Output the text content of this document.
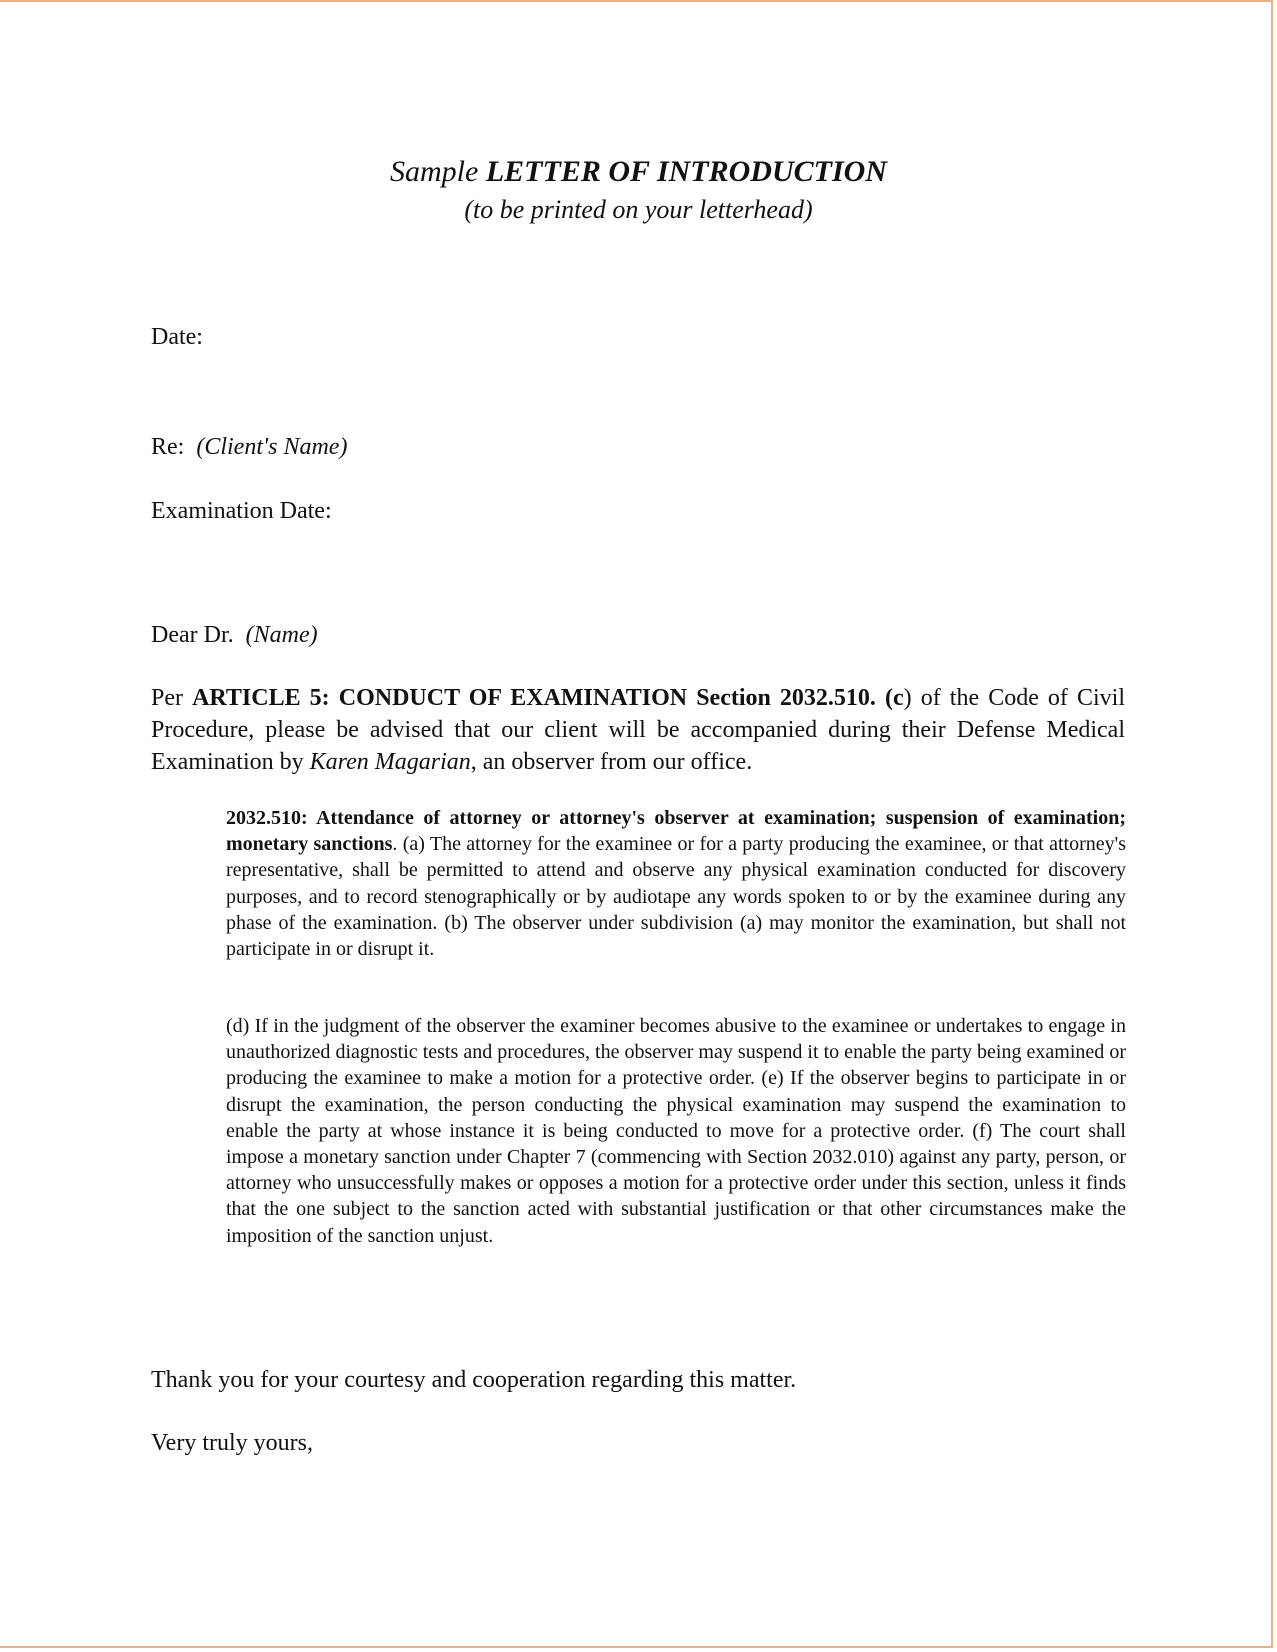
Sample LETTER OF INTRODUCTION
(to be printed on your letterhead)
Date:
Re: (Client's Name)
Examination Date:
Dear Dr. (Name)
Per ARTICLE 5: CONDUCT OF EXAMINATION Section 2032.510. (c) of the Code of Civil Procedure, please be advised that our client will be accompanied during their Defense Medical Examination by Karen Magarian, an observer from our office.
2032.510: Attendance of attorney or attorney's observer at examination; suspension of examination; monetary sanctions. (a) The attorney for the examinee or for a party producing the examinee, or that attorney's representative, shall be permitted to attend and observe any physical examination conducted for discovery purposes, and to record stenographically or by audiotape any words spoken to or by the examinee during any phase of the examination. (b) The observer under subdivision (a) may monitor the examination, but shall not participate in or disrupt it.
(d) If in the judgment of the observer the examiner becomes abusive to the examinee or undertakes to engage in unauthorized diagnostic tests and procedures, the observer may suspend it to enable the party being examined or producing the examinee to make a motion for a protective order. (e) If the observer begins to participate in or disrupt the examination, the person conducting the physical examination may suspend the examination to enable the party at whose instance it is being conducted to move for a protective order. (f) The court shall impose a monetary sanction under Chapter 7 (commencing with Section 2032.010) against any party, person, or attorney who unsuccessfully makes or opposes a motion for a protective order under this section, unless it finds that the one subject to the sanction acted with substantial justification or that other circumstances make the imposition of the sanction unjust.
Thank you for your courtesy and cooperation regarding this matter.
Very truly yours,
